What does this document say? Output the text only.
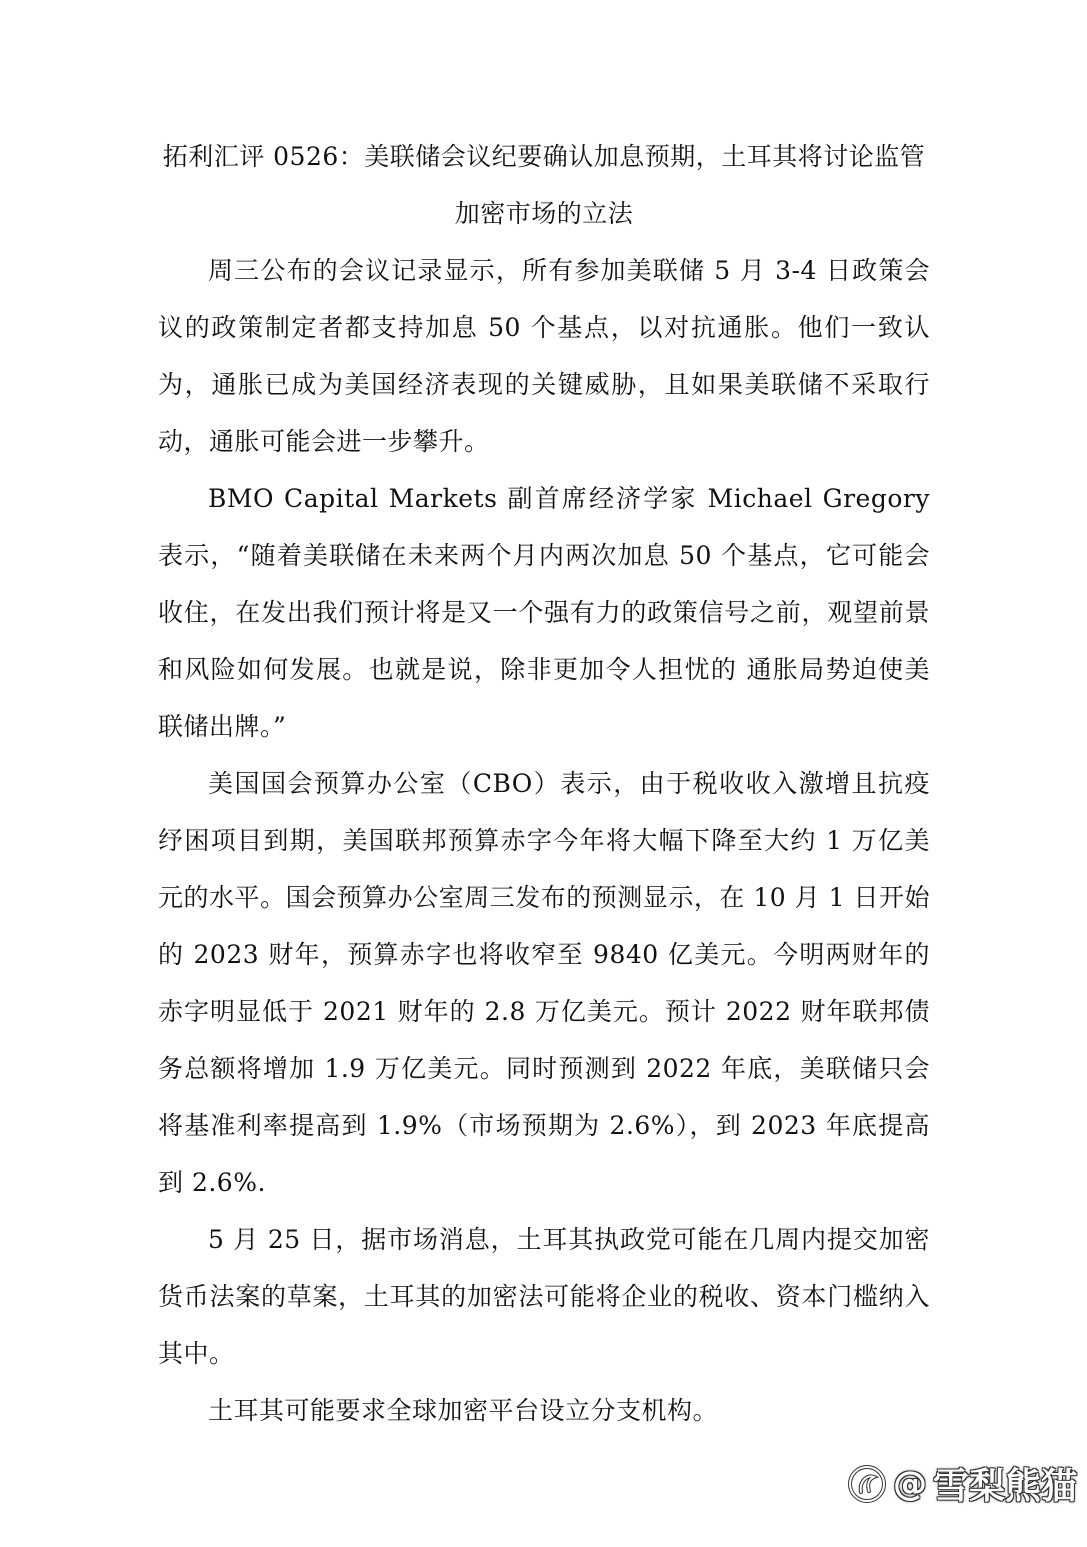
拓利汇评 0526：美联储会议纪要确认加息预期，土耳其将讨论监管
加密市场的立法

周三公布的会议记录显示，所有参加美联储 5 月 3-4 日政策会议的政策制定者都支持加息 50 个基点，以对抗通胀。他们一致认为，通胀已成为美国经济表现的关键威胁，且如果美联储不采取行动，通胀可能会进一步攀升。

BMO Capital Markets 副首席经济学家 Michael Gregory 表示，“随着美联储在未来两个月内两次加息 50 个基点，它可能会收住，在发出我们预计将是又一个强有力的政策信号之前，观望前景和风险如何发展。也就是说，除非更加令人担忧的 通胀局势迫使美联储出牌。”

美国国会预算办公室（CBO）表示，由于税收收入激增且抗疫纾困项目到期，美国联邦预算赤字今年将大幅下降至大约 1 万亿美元的水平。国会预算办公室周三发布的预测显示，在 10 月 1 日开始的 2023 财年，预算赤字也将收窄至 9840 亿美元。今明两财年的赤字明显低于 2021 财年的 2.8 万亿美元。预计 2022 财年联邦债务总额将增加 1.9 万亿美元。同时预测到 2022 年底，美联储只会将基准利率提高到 1.9%（市场预期为 2.6%），到 2023 年底提高到 2.6%.

5 月 25 日，据市场消息，土耳其执政党可能在几周内提交加密货币法案的草案，土耳其的加密法可能将企业的税收、资本门槛纳入其中。

土耳其可能要求全球加密平台设立分支机构。

@ 雪梨熊猫
